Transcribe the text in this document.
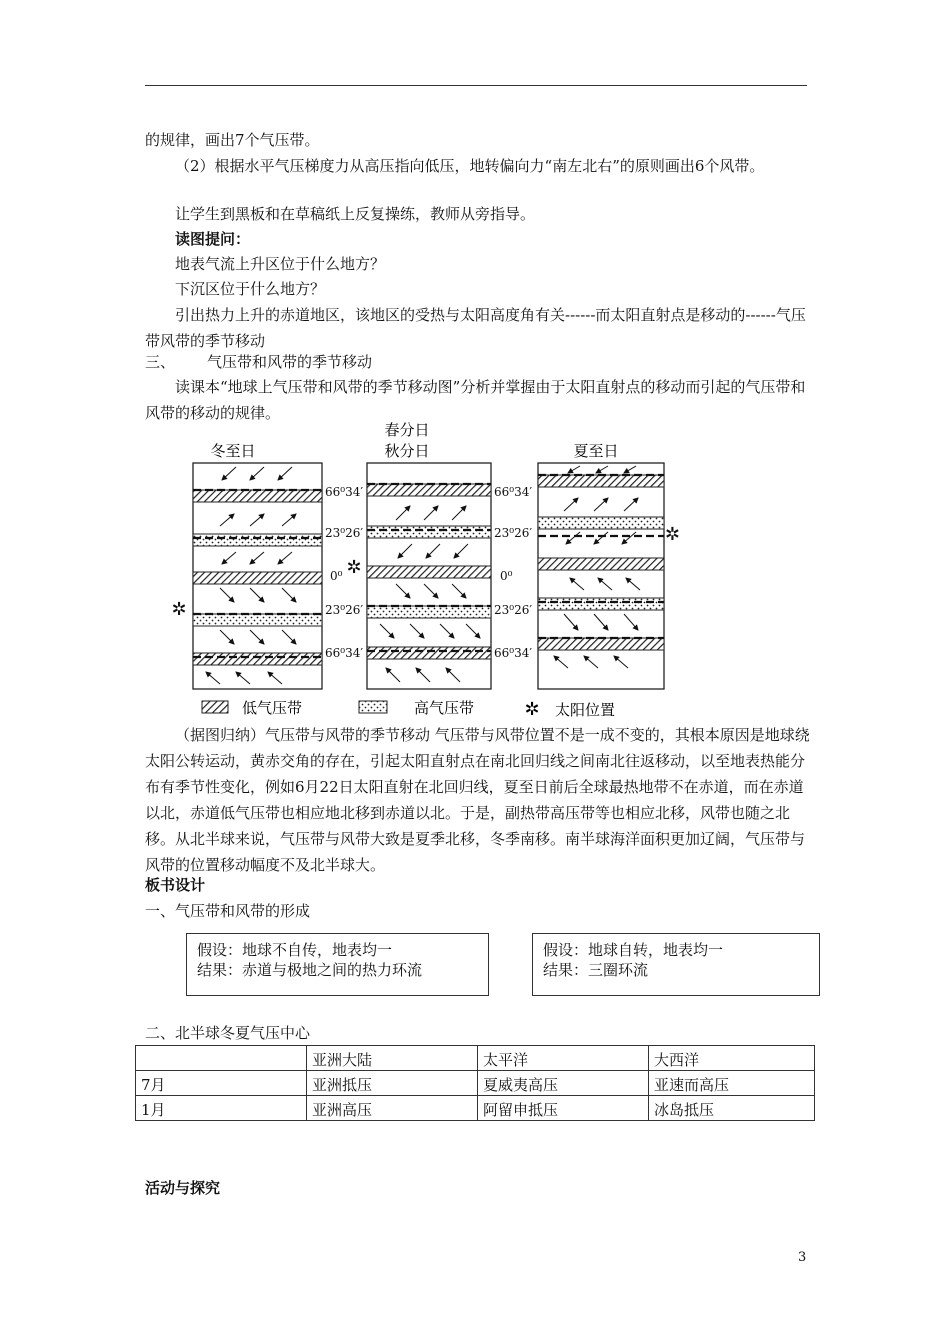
的规律，画出7个气压带。

（2）根据水平气压梯度力从高压指向低压，地转偏向力“南左北右”的原则画出6个风带。

让学生到黑板和在草稿纸上反复操练，教师从旁指导。

读图提问：

地表气流上升区位于什么地方？

下沉区位于什么地方？

引出热力上升的赤道地区，该地区的受热与太阳高度角有关------而太阳直射点是移动的------气压带风带的季节移动

三、 气压带和风带的季节移动

读课本“地球上气压带和风带的季节移动图”分析并掌握由于太阳直射点的移动而引起的气压带和风带的移动的规律。

冬至日
春分日
秋分日	夏至日
66⁰34′
23⁰26′
0⁰
23⁰26′
66⁰34′
66⁰34′
23⁰26′
0⁰
23⁰26′
66⁰34′
✲
✲
✲
低气压带	高气压带	✲ 太阳位置

（据图归纳）气压带与风带的季节移动 气压带与风带位置不是一成不变的，其根本原因是地球绕太阳公转运动，黄赤交角的存在，引起太阳直射点在南北回归线之间南北往返移动，以至地表热能分布有季节性变化，例如6月22日太阳直射在北回归线，夏至日前后全球最热地带不在赤道，而在赤道以北，赤道低气压带也相应地北移到赤道以北。于是，副热带高压带等也相应北移，风带也随之北移。从北半球来说，气压带与风带大致是夏季北移，冬季南移。南半球海洋面积更加辽阔，气压带与风带的位置移动幅度不及北半球大。

板书设计

一、气压带和风带的形成

假设：地球不自传，地表均一
结果：赤道与极地之间的热力环流
假设：地球自转，地表均一
结果：三圈环流

二、北半球冬夏气压中心

	亚洲大陆	太平洋	大西洋
7月	亚洲抵压	夏威夷高压	亚速而高压
1月	亚洲高压	阿留申抵压	冰岛抵压

活动与探究

3
